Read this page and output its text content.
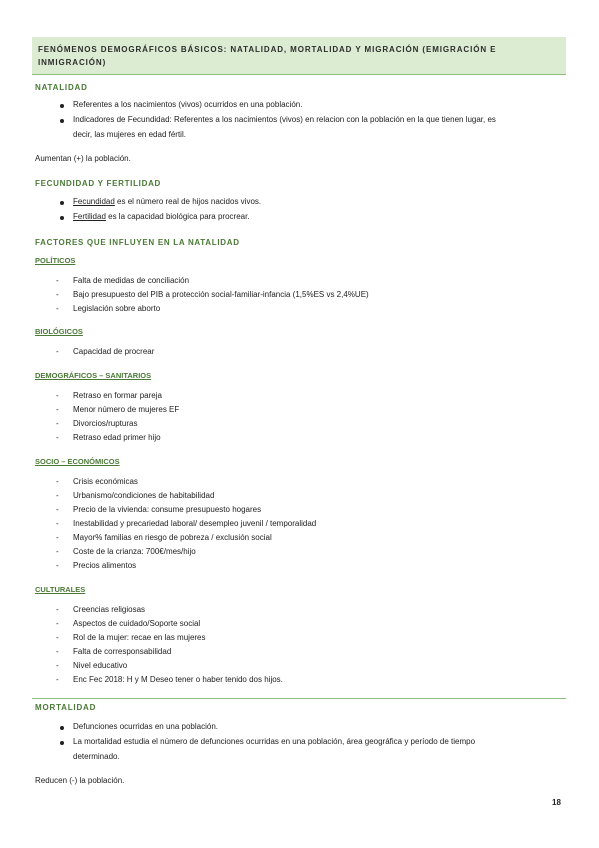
FENÓMENOS DEMOGRÁFICOS BÁSICOS: NATALIDAD, MORTALIDAD Y MIGRACIÓN (EMIGRACIÓN E
INMIGRACIÓN)
NATALIDAD
Referentes a los nacimientos (vivos) ocurridos en una población.
Indicadores de Fecundidad: Referentes a los nacimientos (vivos) en relacion con la población en la que tienen lugar, es
decir, las mujeres en edad fértil.
Aumentan (+) la población.
FECUNDIDAD Y FERTILIDAD
Fecundidad es el número real de hijos nacidos vivos.
Fertilidad es la capacidad biológica para procrear.
FACTORES QUE INFLUYEN EN LA NATALIDAD
POLÍTICOS
- Falta de medidas de conciliación
- Bajo presupuesto del PIB a protección social-familiar-infancia (1,5%ES vs 2,4%UE)
- Legislación sobre aborto
BIOLÓGICOS
- Capacidad de procrear
DEMOGRÁFICOS – SANITARIOS
- Retraso en formar pareja
- Menor número de mujeres EF
- Divorcios/rupturas
- Retraso edad primer hijo
SOCIO – ECONÓMICOS
- Crisis económicas
- Urbanismo/condiciones de habitabilidad
- Precio de la vivienda: consume presupuesto hogares
- Inestabilidad y precariedad laboral/ desempleo juvenil / temporalidad
- Mayor% familias en riesgo de pobreza / exclusión social
- Coste de la crianza: 700€/mes/hijo
- Precios alimentos
CULTURALES
- Creencias religiosas
- Aspectos de cuidado/Soporte social
- Rol de la mujer: recae en las mujeres
- Falta de corresponsabilidad
- Nivel educativo
- Enc Fec 2018: H y M Deseo tener o haber tenido dos hijos.
MORTALIDAD
Defunciones ocurridas en una población.
La mortalidad estudia el número de defunciones ocurridas en una población, área geográfica y período de tiempo
determinado.
Reducen (-) la población.
18
